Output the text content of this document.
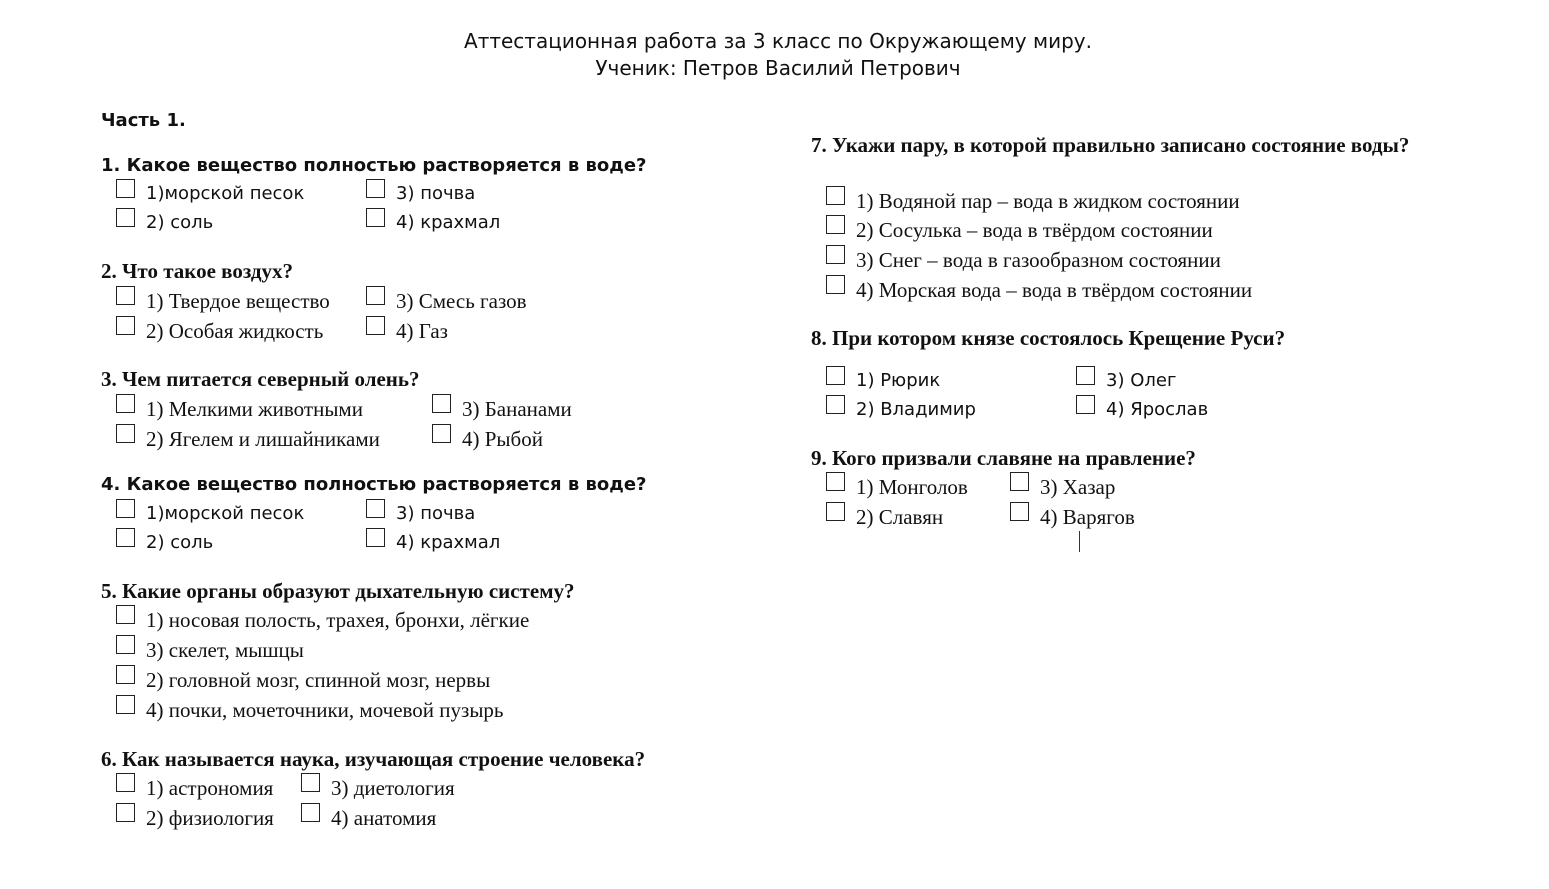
Аттестационная работа за 3 класс по Окружающему миру.
Ученик: Петров Василий Петрович
Часть 1.
1. Какое вещество полностью растворяется в воде?
1)морской песок	3) почва
2) соль	4) крахмал
2. Что такое воздух?
1) Твердое вещество	3) Смесь газов
2) Особая жидкость	4) Газ
3. Чем питается северный олень?
1) Мелкими животными	3) Бананами
2) Ягелем и лишайниками	4) Рыбой
4. Какое вещество полностью растворяется в воде?
1)морской песок	3) почва
2) соль	4) крахмал
5. Какие органы образуют дыхательную систему?
1) носовая полость, трахея, бронхи, лёгкие
3) скелет, мышцы
2) головной мозг, спинной мозг, нервы
4) почки, мочеточники, мочевой пузырь
6. Как называется наука, изучающая строение человека?
1) астрономия	3) диетология
2) физиология	4) анатомия
7. Укажи пару, в которой правильно записано состояние воды?
1) Водяной пар – вода в жидком состоянии
2) Сосулька – вода в твёрдом состоянии
3) Снег – вода в газообразном состоянии
4) Морская вода – вода в твёрдом состоянии
8. При котором князе состоялось Крещение Руси?
1) Рюрик	3) Олег
2) Владимир	4) Ярослав
9. Кого призвали славяне на правление?
1) Монголов	3) Хазар
2) Славян	4) Варягов
